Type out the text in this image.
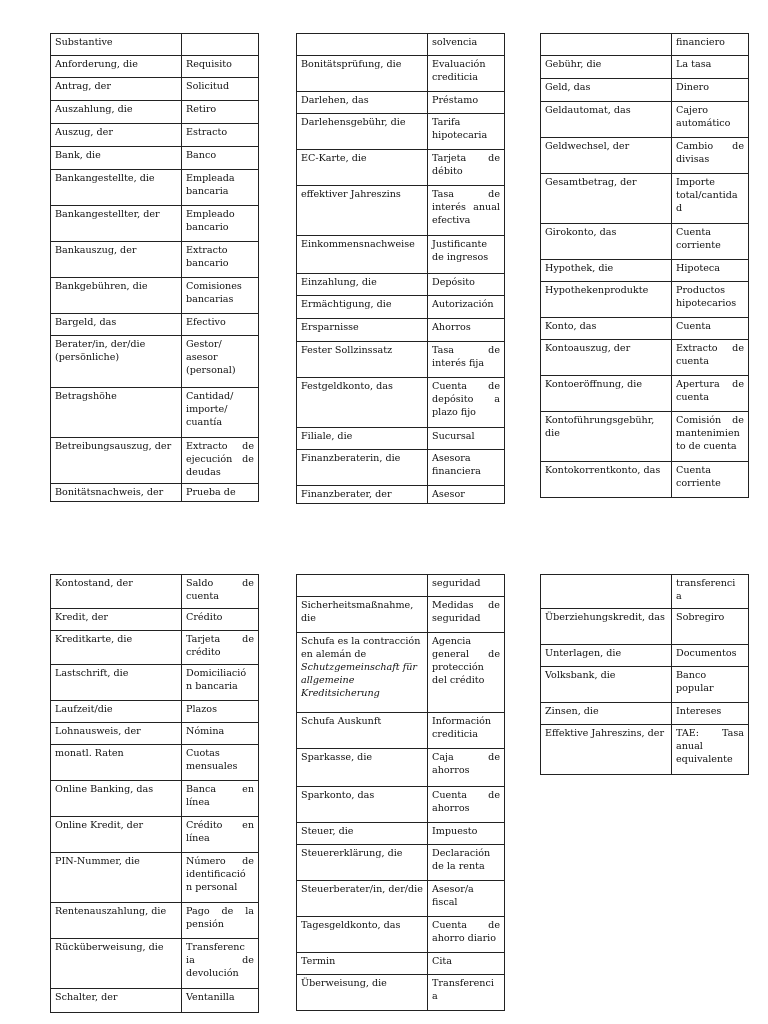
Substantive	
Anforderung, die	Requisito
Antrag, der	Solicitud
Auszahlung, die	Retiro
Auszug, der	Estracto
Bank, die	Banco
Bankangestellte, die	Empleada bancaria
Bankangestellter, der	Empleado bancario
Bankauszug, der	Extracto bancario
Bankgebühren, die	Comisiones bancarias
Bargeld, das	Efectivo
Berater/in, der/die (persönliche)	Gestor/ asesor (personal)
Betragshöhe	Cantidad/ importe/ cuantía
Betreibungsauszug, der	Extracto de ejecución de deudas
Bonitätsnachweis, der	Prueba de
	solvencia
Bonitätsprüfung, die	Evaluación crediticia
Darlehen, das	Préstamo
Darlehensgebühr, die	Tarifa hipotecaria
EC-Karte, die	Tarjeta de débito
effektiver Jahreszins	Tasa de interés anual efectiva
Einkommensnachweise	Justificante de ingresos
Einzahlung, die	Depósito
Ermächtigung, die	Autorización
Ersparnisse	Ahorros
Fester Sollzinssatz	Tasa de interés fija
Festgeldkonto, das	Cuenta de depósito a plazo fijo
Filiale, die	Sucursal
Finanzberaterin, die	Asesora financiera
Finanzberater, der	Asesor
	financiero
Gebühr, die	La tasa
Geld, das	Dinero
Geldautomat, das	Cajero automático
Geldwechsel, der	Cambio de divisas
Gesamtbetrag, der	Importe total/cantida d
Girokonto, das	Cuenta corriente
Hypothek, die	Hipoteca
Hypothekenprodukte	Productos hipotecarios
Konto, das	Cuenta
Kontoauszug, der	Extracto de cuenta
Kontoeröffnung, die	Apertura de cuenta
Kontoführungsgebühr, die	Comisión de mantenimien to de cuenta
Kontokorrentkonto, das	Cuenta corriente
Kontostand, der	Saldo de cuenta
Kredit, der	Crédito
Kreditkarte, die	Tarjeta de crédito
Lastschrift, die	Domiciliació n bancaria
Laufzeit/die	Plazos
Lohnausweis, der	Nómina
monatl. Raten	Cuotas mensuales
Online Banking, das	Banca en línea
Online Kredit, der	Crédito en línea
PIN-Nummer, die	Número de identificació n personal
Rentenauszahlung, die	Pago de la pensión
Rücküberweisung, die	Transferenc ia de devolución
Schalter, der	Ventanilla
	seguridad
Sicherheitsmaßnahme, die	Medidas de seguridad
Schufa es la contracción en alemán de Schutzgemeinschaft für allgemeine Kreditsicherung	Agencia general de protección del crédito
Schufa Auskunft	Información crediticia
Sparkasse, die	Caja de ahorros
Sparkonto, das	Cuenta de ahorros
Steuer, die	Impuesto
Steuererklärung, die	Declaración de la renta
Steuerberater/in, der/die	Asesor/a fiscal
Tagesgeldkonto, das	Cuenta de ahorro diario
Termin	Cita
Überweisung, die	Transferenci a
	transferenci a
Überziehungskredit, das	Sobregiro
Unterlagen, die	Documentos
Volksbank, die	Banco popular
Zinsen, die	Intereses
Effektive Jahreszins, der	TAE: Tasa anual equivalente
